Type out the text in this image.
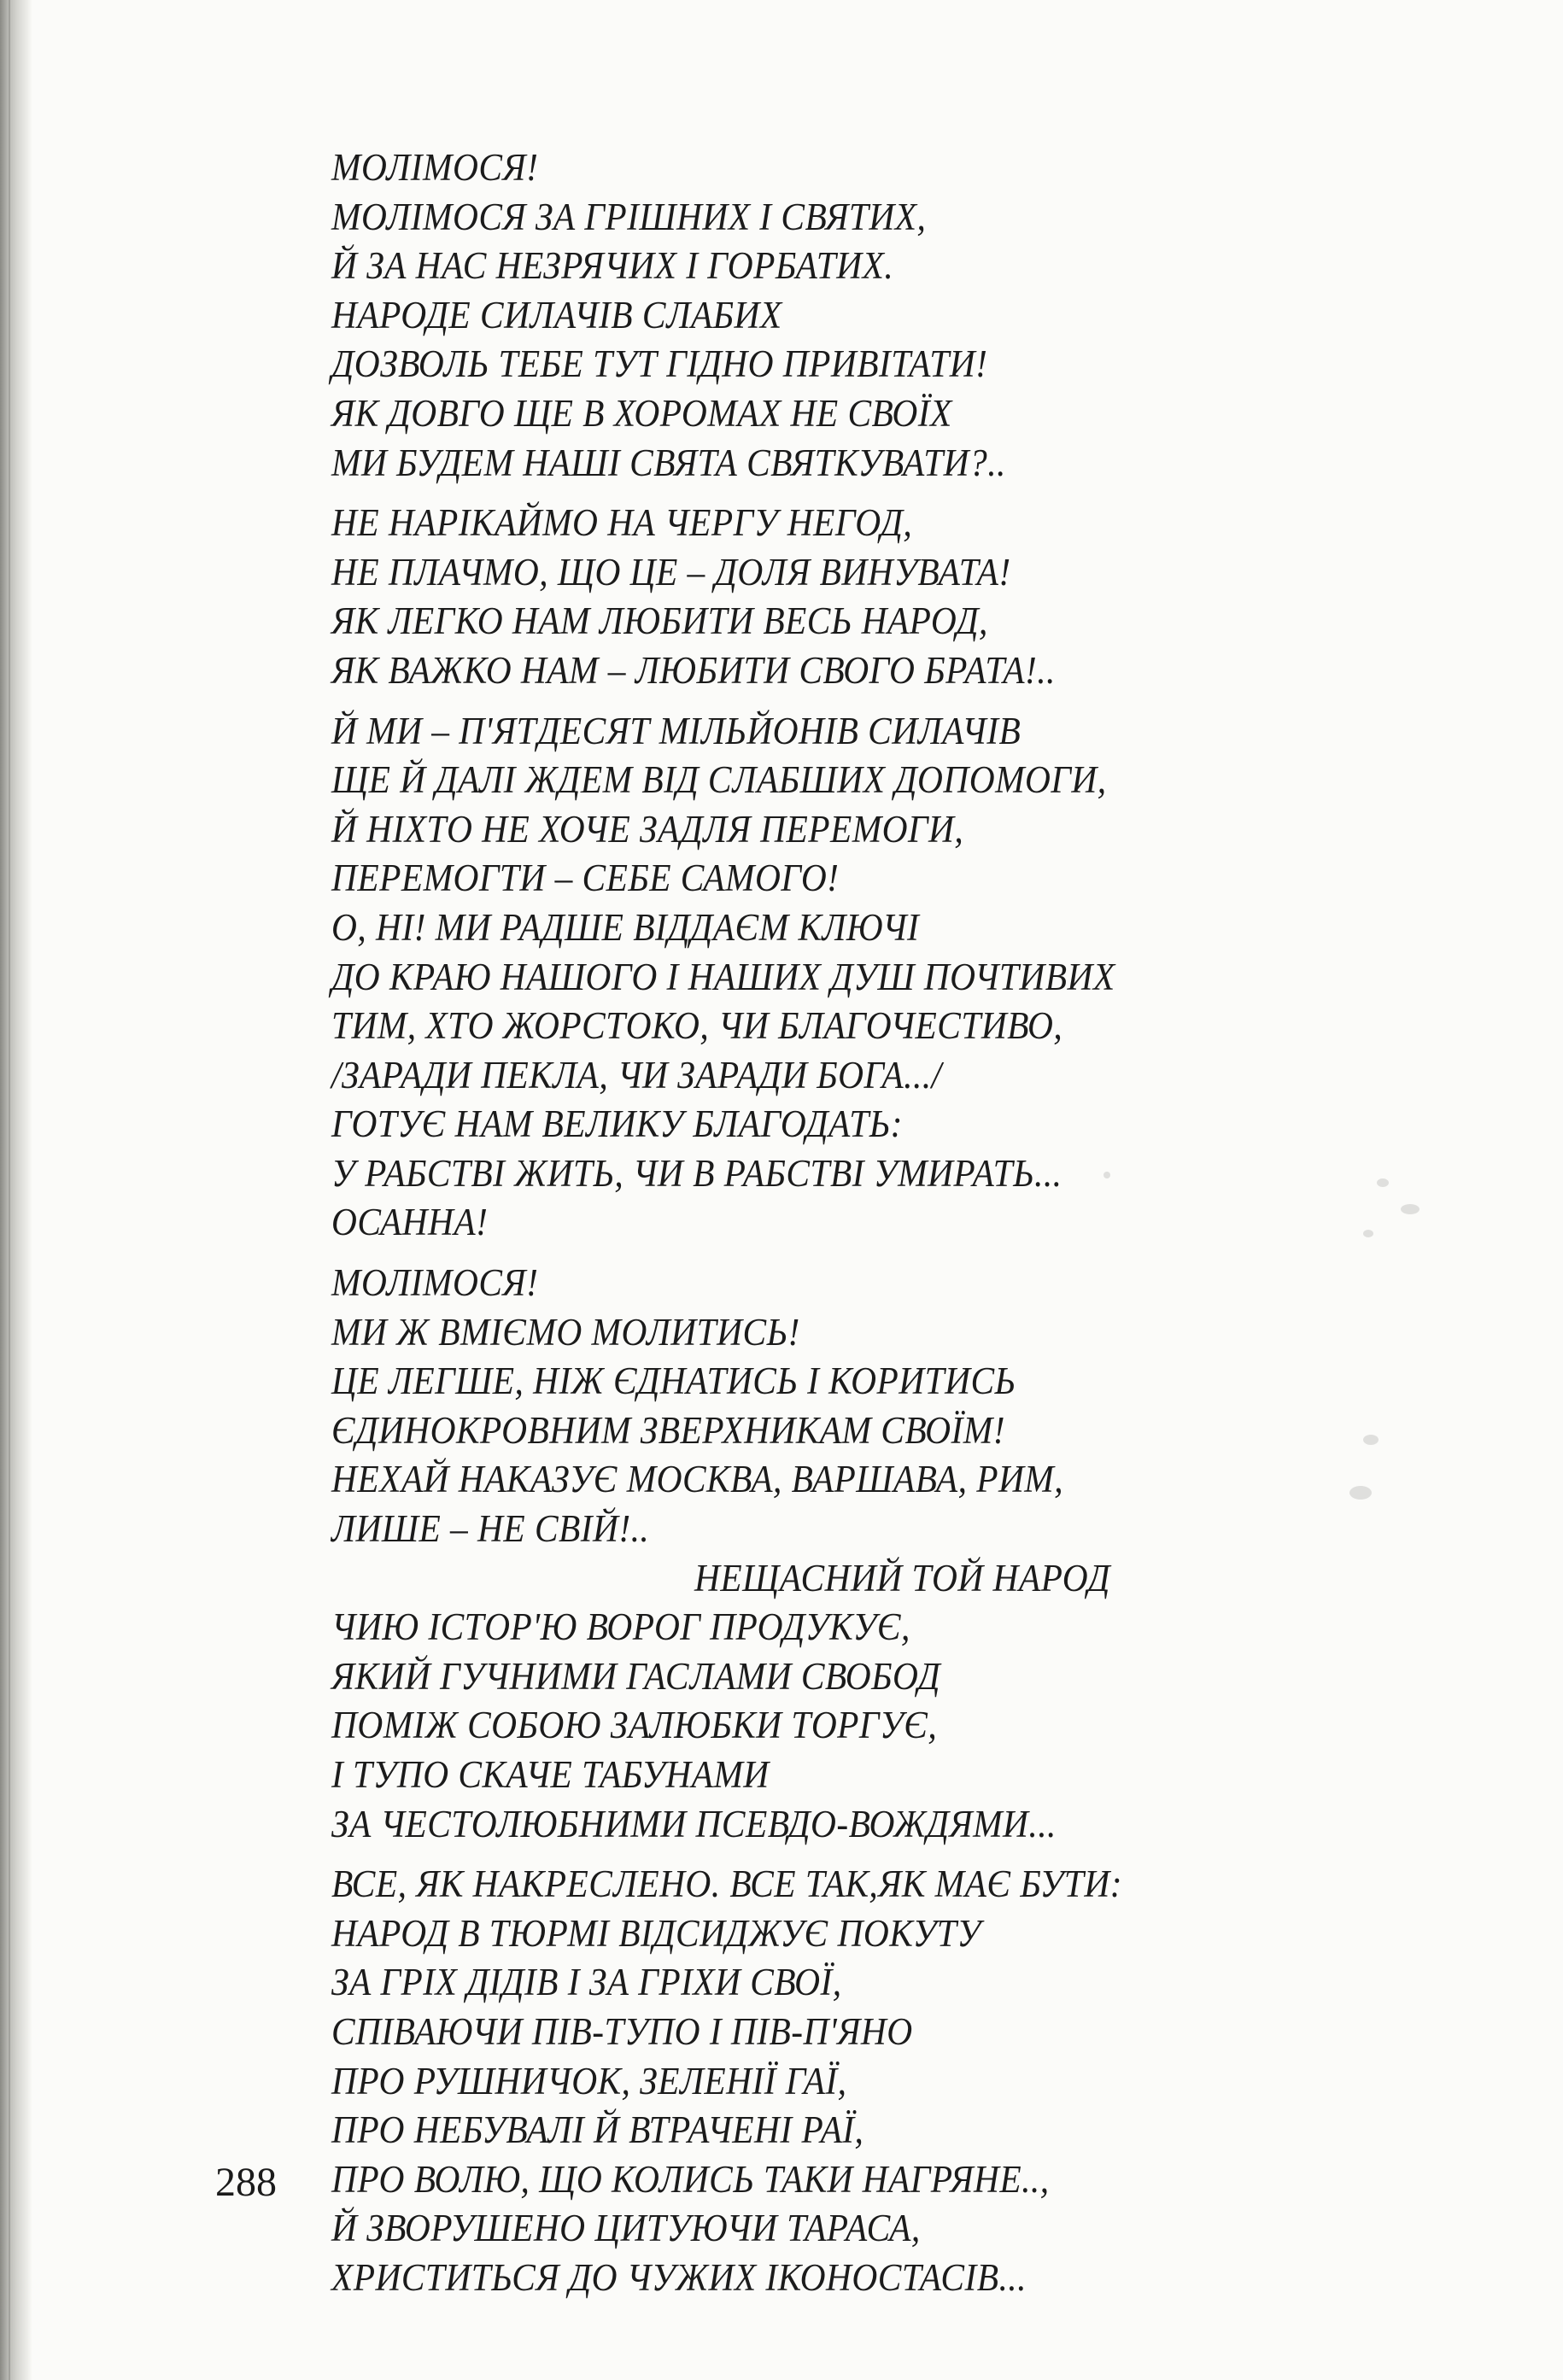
МОЛІМОСЯ!
МОЛІМОСЯ ЗА ГРІШНИХ І СВЯТИХ,
Й ЗА НАС НЕЗРЯЧИХ І ГОРБАТИХ.
НАРОДЕ СИЛАЧІВ СЛАБИХ
ДОЗВОЛЬ ТЕБЕ ТУТ ГІДНО ПРИВІТАТИ!
ЯК ДОВГО ЩЕ В ХОРОМАХ НЕ СВОЇХ
МИ БУДЕМ НАШІ СВЯТА СВЯТКУВАТИ?..
НЕ НАРІКАЙМО НА ЧЕРГУ НЕГОД,
НЕ ПЛАЧМО, ЩО ЦЕ – ДОЛЯ ВИНУВАТА!
ЯК ЛЕГКО НАМ ЛЮБИТИ ВЕСЬ НАРОД,
ЯК ВАЖКО НАМ – ЛЮБИТИ СВОГО БРАТА!..
Й МИ – П'ЯТДЕСЯТ МІЛЬЙОНІВ СИЛАЧІВ
ЩЕ Й ДАЛІ ЖДЕМ ВІД СЛАБШИХ ДОПОМОГИ,
Й НІХТО НЕ ХОЧЕ ЗАДЛЯ ПЕРЕМОГИ,
ПЕРЕМОГТИ – СЕБЕ САМОГО!
О, НІ! МИ РАДШЕ ВІДДАЄМ КЛЮЧІ
ДО КРАЮ НАШОГО І НАШИХ ДУШ ПОЧТИВИХ
ТИМ, ХТО ЖОРСТОКО, ЧИ БЛАГОЧЕСТИВО,
/ЗАРАДИ ПЕКЛА, ЧИ ЗАРАДИ БОГА.../
ГОТУЄ НАМ ВЕЛИКУ БЛАГОДАТЬ:
У РАБСТВІ ЖИТЬ, ЧИ В РАБСТВІ УМИРАТЬ...
ОСАННА!
МОЛІМОСЯ!
МИ Ж ВМІЄМО МОЛИТИСЬ!
ЦЕ ЛЕГШЕ, НІЖ ЄДНАТИСЬ І КОРИТИСЬ
ЄДИНОКРОВНИМ ЗВЕРХНИКАМ СВОЇМ!
НЕХАЙ НАКАЗУЄ МОСКВА, ВАРШАВА, РИМ,
ЛИШЕ – НЕ СВІЙ!..
НЕЩАСНИЙ ТОЙ НАРОД
ЧИЮ ІСТОР'Ю ВОРОГ ПРОДУКУЄ,
ЯКИЙ ГУЧНИМИ ГАСЛАМИ СВОБОД
ПОМІЖ СОБОЮ ЗАЛЮБКИ ТОРГУЄ,
І ТУПО СКАЧЕ ТАБУНАМИ
ЗА ЧЕСТОЛЮБНИМИ ПСЕВДО-ВОЖДЯМИ...
ВСЕ, ЯК НАКРЕСЛЕНО. ВСЕ ТАК,ЯК МАЄ БУТИ:
НАРОД В ТЮРМІ ВІДСИДЖУЄ ПОКУТУ
ЗА ГРІХ ДІДІВ І ЗА ГРІХИ СВОЇ,
СПІВАЮЧИ ПІВ-ТУПО І ПІВ-П'ЯНО
ПРО РУШНИЧОК, ЗЕЛЕНІЇ ГАЇ,
ПРО НЕБУВАЛІ Й ВТРАЧЕНІ РАЇ,
ПРО ВОЛЮ, ЩО КОЛИСЬ ТАКИ НАГРЯНЕ..,
Й ЗВОРУШЕНО ЦИТУЮЧИ ТАРАСА,
ХРИСТИТЬСЯ ДО ЧУЖИХ ІКОНОСТАСІВ...
288
